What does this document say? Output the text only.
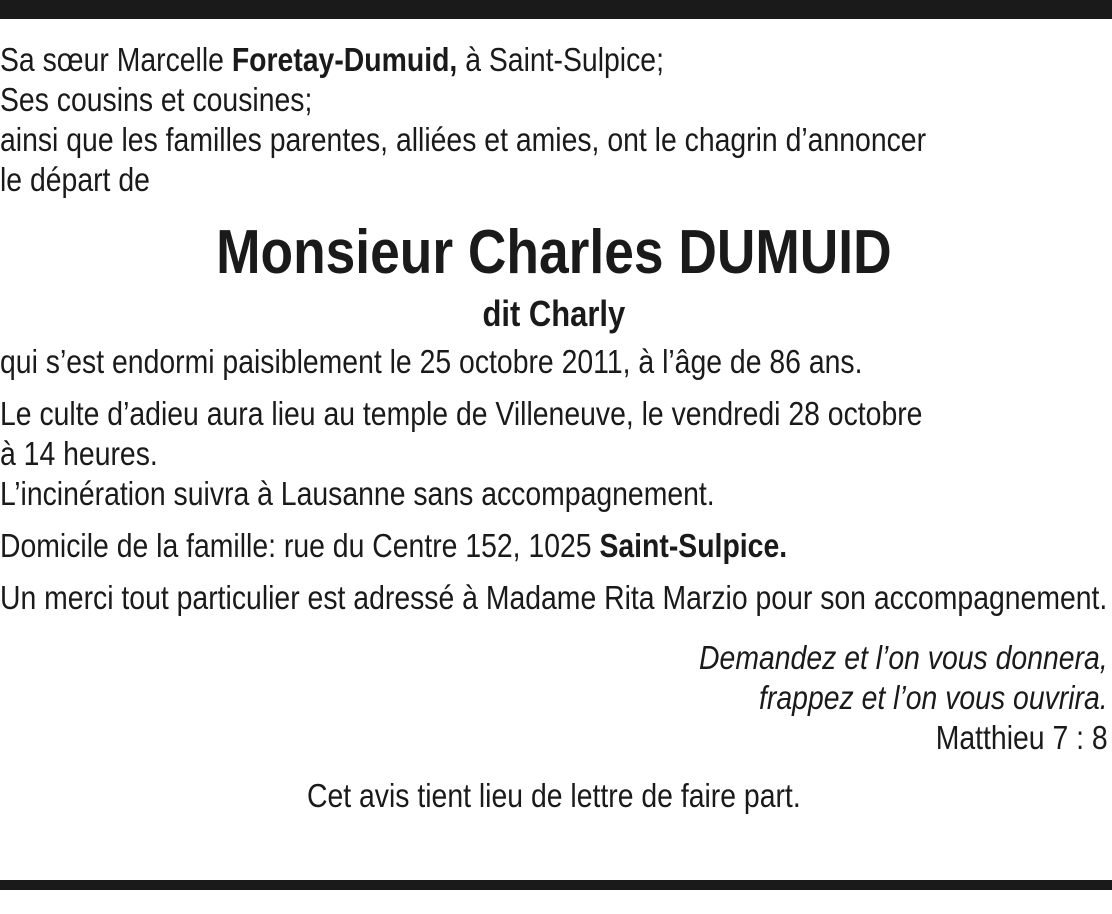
Sa sœur Marcelle Foretay-Dumuid, à Saint-Sulpice;

Ses cousins et cousines;

ainsi que les familles parentes, alliées et amies, ont le chagrin d’annoncer

le départ de

Monsieur Charles DUMUID

dit Charly

qui s’est endormi paisiblement le 25 octobre 2011, à l’âge de 86 ans.

Le culte d’adieu aura lieu au temple de Villeneuve, le vendredi 28 octobre

à 14 heures.

L’incinération suivra à Lausanne sans accompagnement.

Domicile de la famille: rue du Centre 152, 1025 Saint-Sulpice.

Un merci tout particulier est adressé à Madame Rita Marzio pour son accompagnement.

Demandez et l’on vous donnera,

frappez et l’on vous ouvrira.

Matthieu 7 : 8

Cet avis tient lieu de lettre de faire part.
